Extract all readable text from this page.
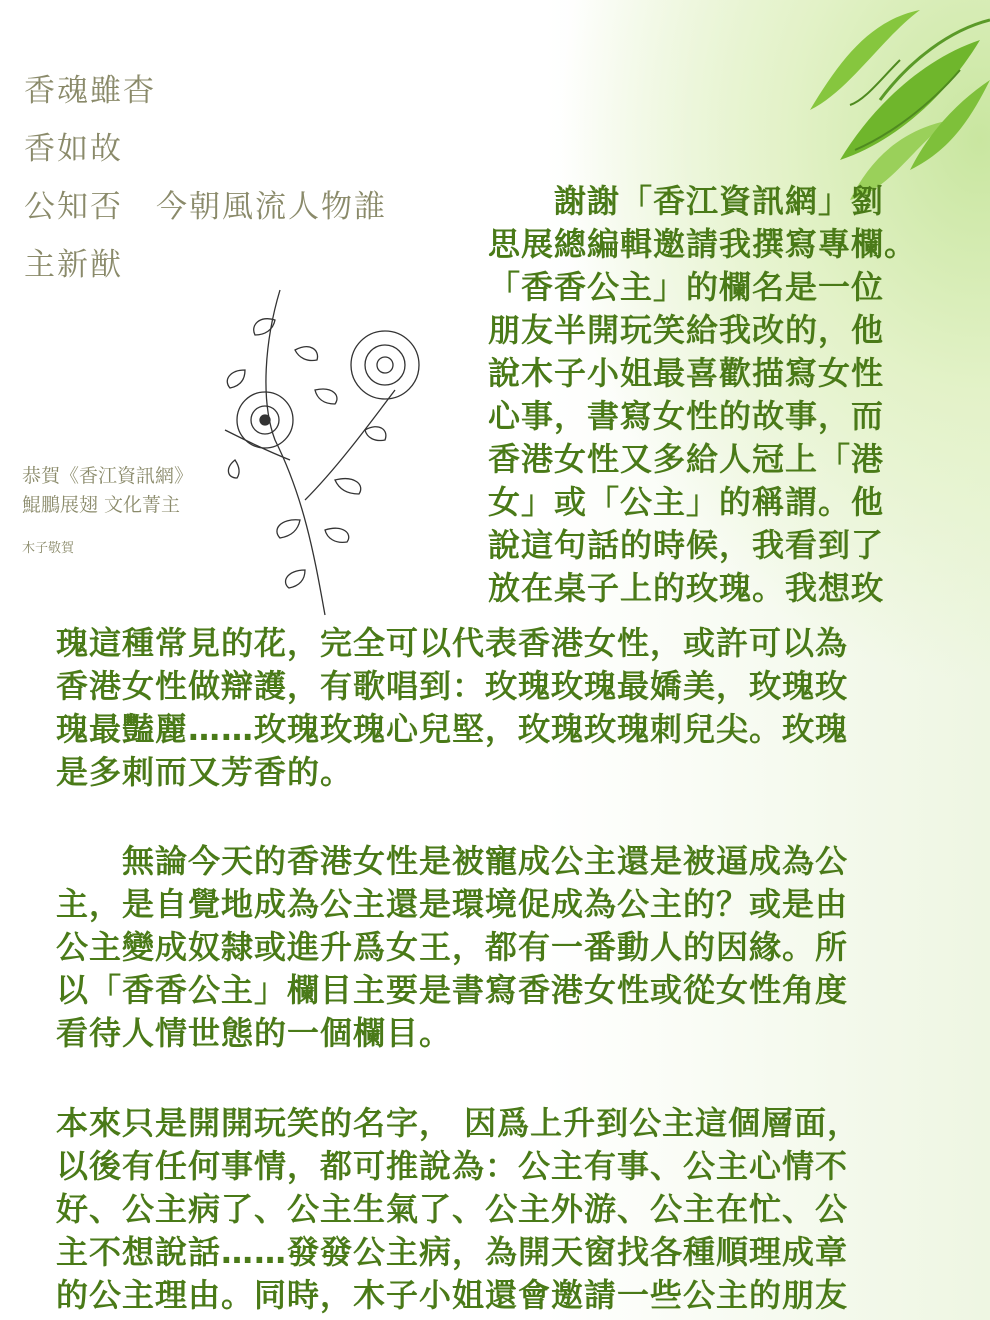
香魂雖杳
香如故
公知否　今朝風流人物誰
主新猷
恭賀《香江資訊網》
鯤鵬展翅 文化菁主
木子敬賀
　　謝謝「香江資訊網」劉
思展總編輯邀請我撰寫專欄。
「香香公主」的欄名是一位
朋友半開玩笑給我改的，他
說木子小姐最喜歡描寫女性
心事，書寫女性的故事，而
香港女性又多給人冠上「港
女」或「公主」的稱謂。他
說這句話的時候，我看到了
放在桌子上的玫瑰。我想玫
瑰這種常見的花，完全可以代表香港女性，或許可以為
香港女性做辯護，有歌唱到：玫瑰玫瑰最嬌美，玫瑰玫
瑰最豔麗……玫瑰玫瑰心兒堅，玫瑰玫瑰刺兒尖。玫瑰
是多刺而又芳香的。
　　無論今天的香港女性是被寵成公主還是被逼成為公
主，是自覺地成為公主還是環境促成為公主的？或是由
公主變成奴隸或進升爲女王，都有一番動人的因緣。所
以「香香公主」欄目主要是書寫香港女性或從女性角度
看待人情世態的一個欄目。
本來只是開開玩笑的名字， 因爲上升到公主這個層面，
以後有任何事情，都可推說為：公主有事、公主心情不
好、公主病了、公主生氣了、公主外游、公主在忙、公
主不想說話……發發公主病，為開天窗找各種順理成章
的公主理由。同時，木子小姐還會邀請一些公主的朋友
